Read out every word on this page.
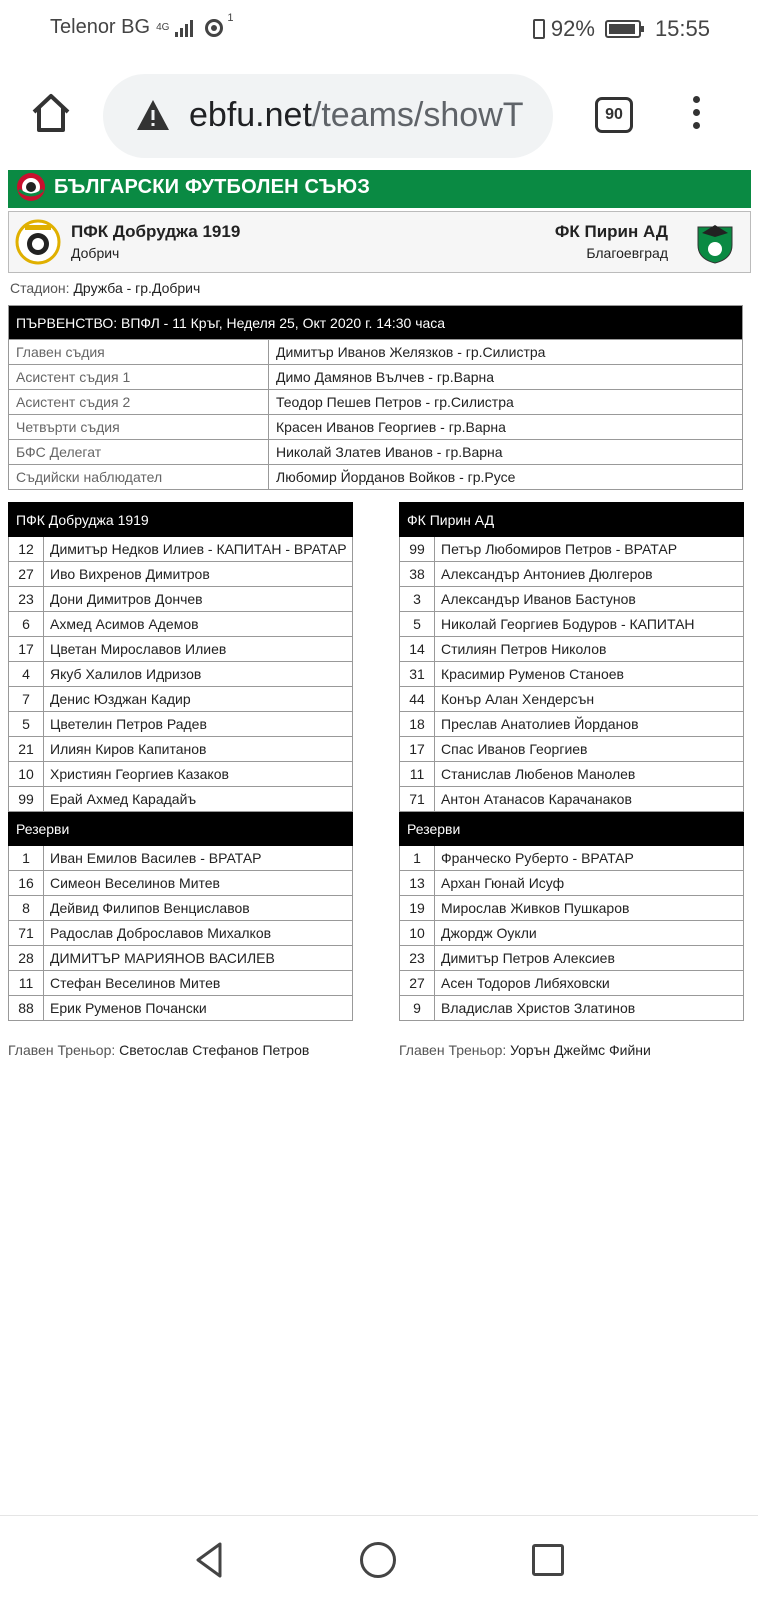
Telenor BG 4G
1	92%	15:55
ebfu.net/teams/showT	90
БЪЛГАРСКИ ФУТБОЛЕН СЪЮЗ
ПФК Добруджа 1919
Добрич
ФК Пирин АД
Благоевград
Стадион: Дружба - гр.Добрич
ПЪРВЕНСТВО: ВПФЛ - 11 Кръг, Неделя 25, Окт 2020 г. 14:30 часа	
Главен съдия	Димитър Иванов Желязков - гр.Силистра
Асистент съдия 1	Димо Дамянов Вълчев - гр.Варна
Асистент съдия 2	Теодор Пешев Петров - гр.Силистра
Четвърти съдия	Красен Иванов Георгиев - гр.Варна
БФС Делегат	Николай Златев Иванов - гр.Варна
Съдийски наблюдател	Любомир Йорданов Войков - гр.Русе
ПФК Добруджа 1919	
12	Димитър Недков Илиев - КАПИТАН - ВРАТАР
27	Иво Вихренов Димитров
23	Дони Димитров Дончев
6	Ахмед Асимов Адемов
17	Цветан Мирославов Илиев
4	Якуб Халилов Идризов
7	Денис Юзджан Кадир
5	Цветелин Петров Радев
21	Илиян Киров Капитанов
10	Християн Георгиев Казаков
99	Ерай Ахмед Карадайъ
Резерви	
1	Иван Емилов Василев - ВРАТАР
16	Симеон Веселинов Митев
8	Дейвид Филипов Венциславов
71	Радослав Доброславов Михалков
28	ДИМИТЪР МАРИЯНОВ ВАСИЛЕВ
11	Стефан Веселинов Митев
88	Ерик Руменов Почански
ФК Пирин АД	
99	Петър Любомиров Петров - ВРАТАР
38	Александър Антониев Дюлгеров
3	Александър Иванов Бастунов
5	Николай Георгиев Бодуров - КАПИТАН
14	Стилиян Петров Николов
31	Красимир Руменов Станоев
44	Конър Алан Хендерсън
18	Преслав Анатолиев Йорданов
17	Спас Иванов Георгиев
11	Станислав Любенов Манолев
71	Антон Атанасов Карачанаков
Резерви	
1	Франческо Руберто - ВРАТАР
13	Архан Гюнай Исуф
19	Мирослав Живков Пушкаров
10	Джордж Оукли
23	Димитър Петров Алексиев
27	Асен Тодоров Либяховски
9	Владислав Христов Златинов
Главен Треньор: Светослав Стефанов Петров	Главен Треньор: Уорън Джеймс Фийни
